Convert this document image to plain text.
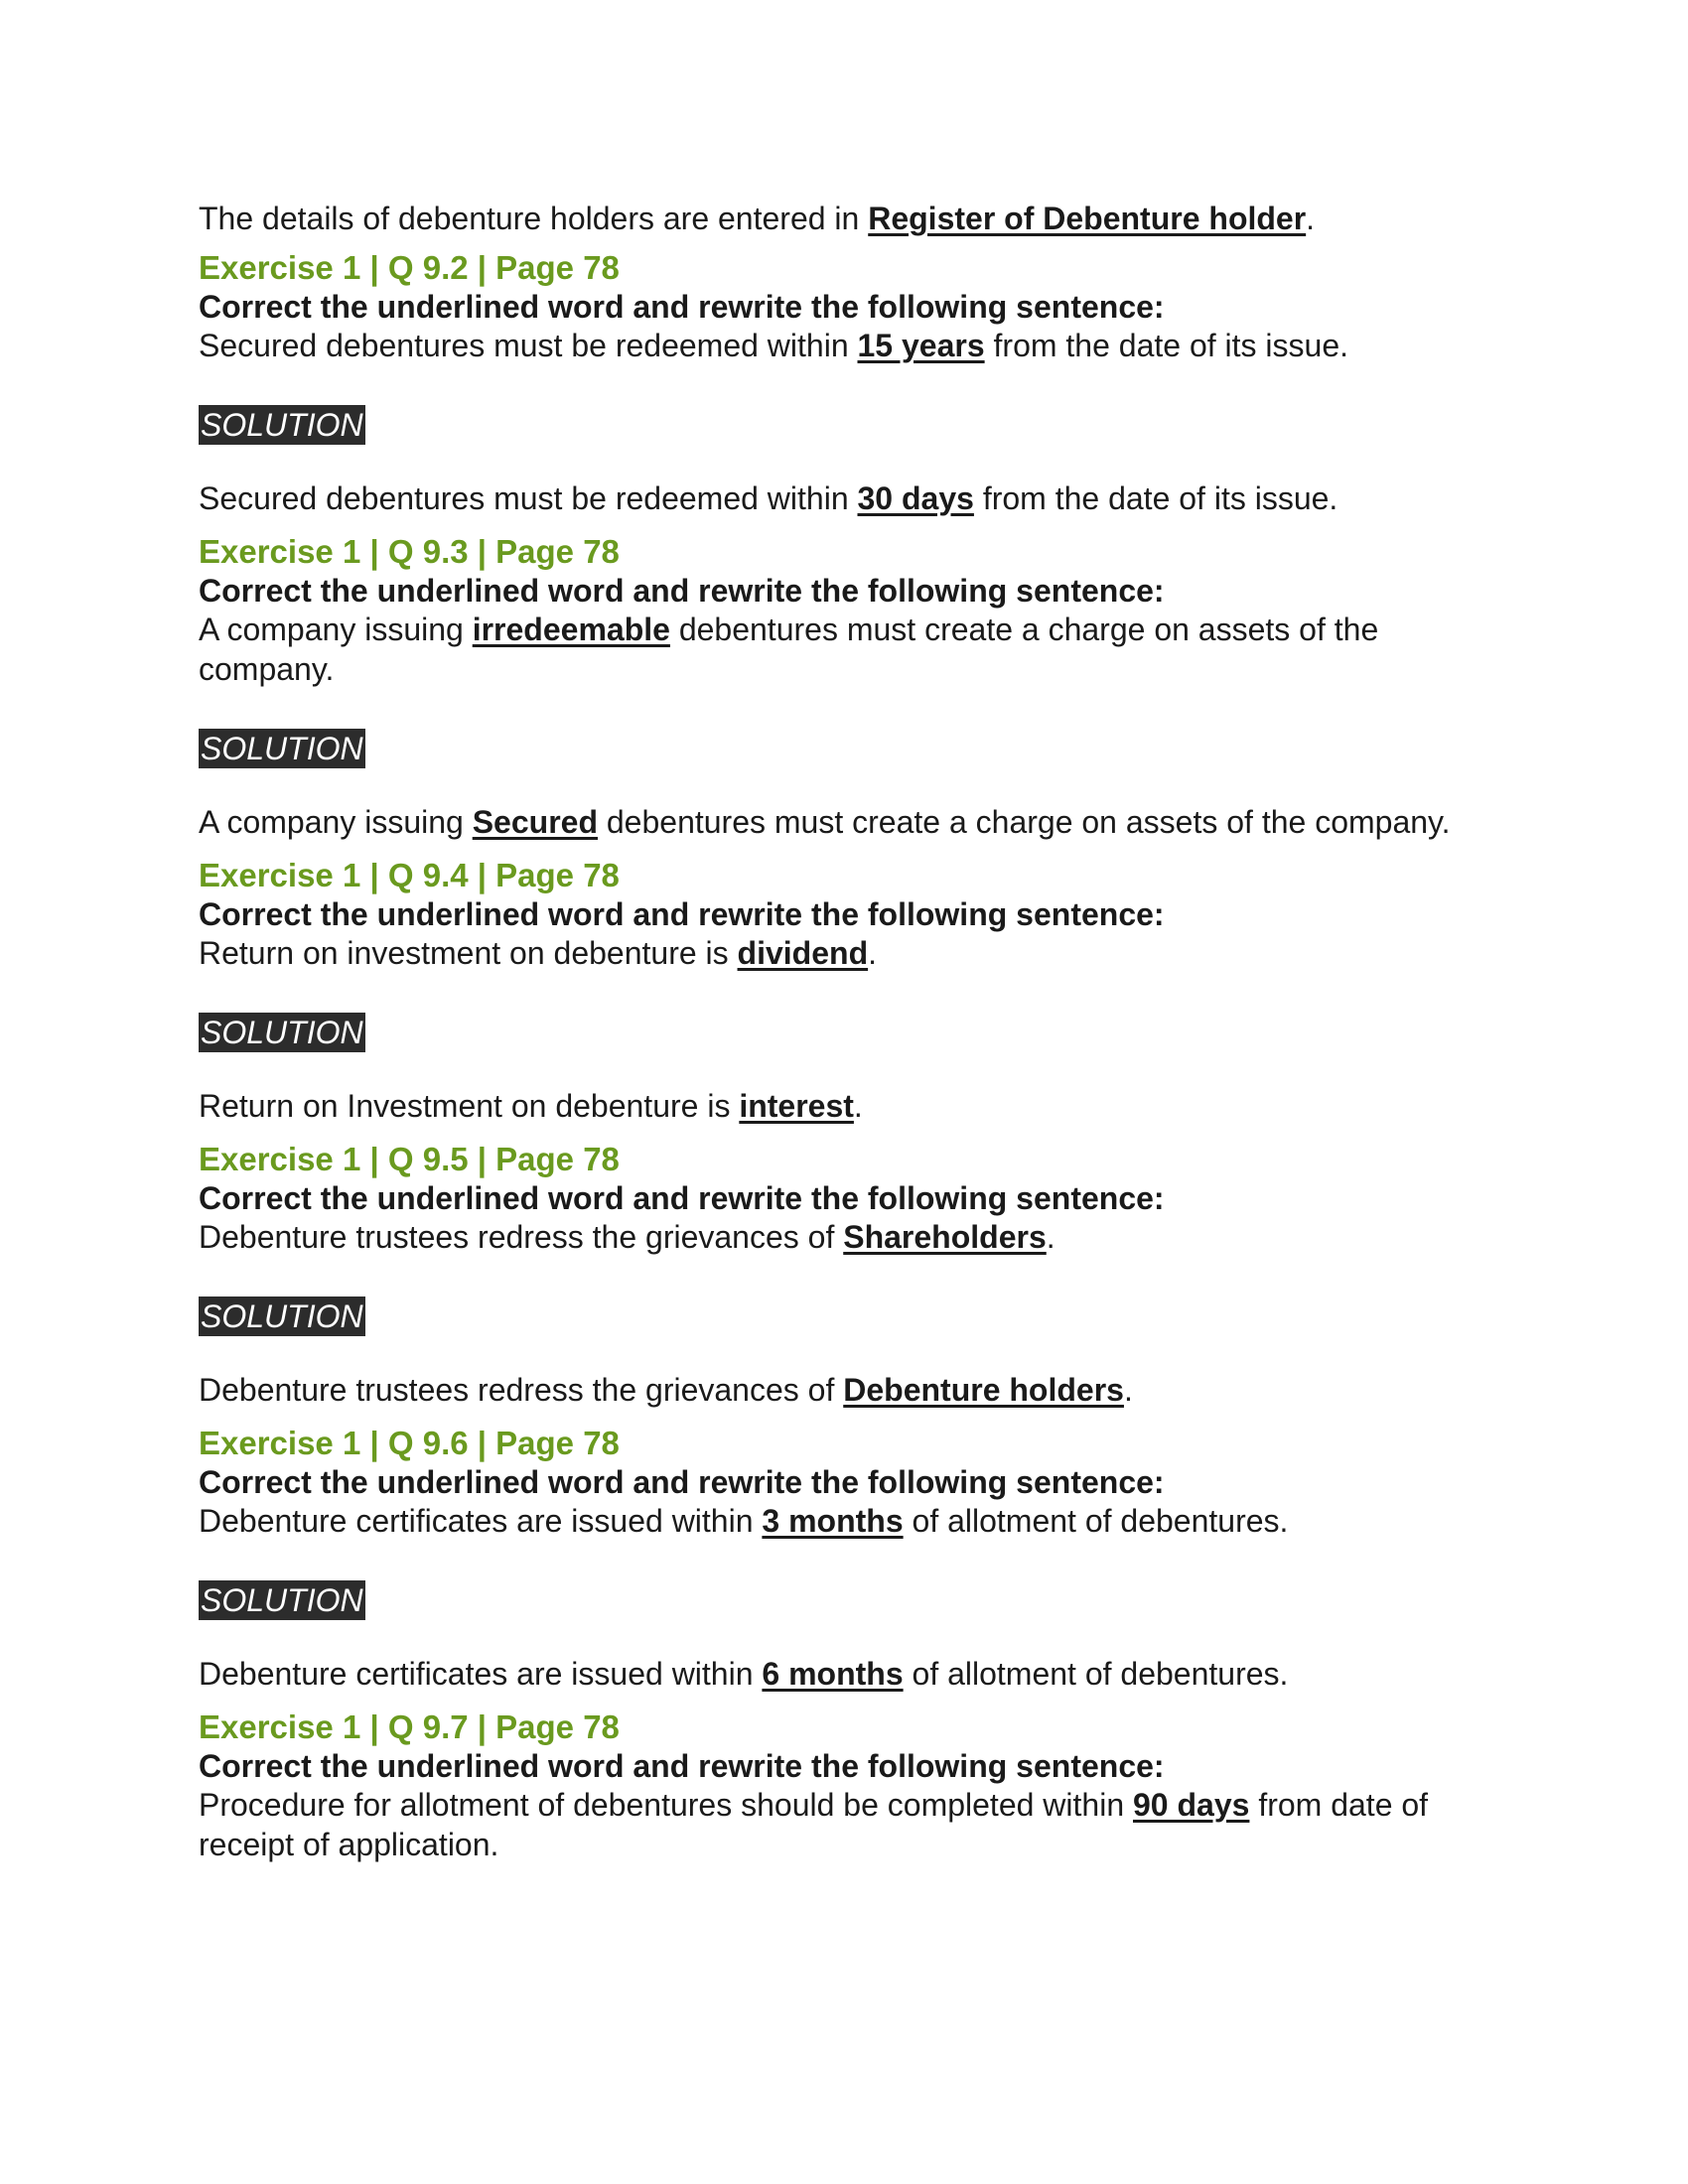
The details of debenture holders are entered in Register of Debenture holder.

Exercise 1 | Q 9.2 | Page 78

Correct the underlined word and rewrite the following sentence:

Secured debentures must be redeemed within 15 years from the date of its issue.

SOLUTION

Secured debentures must be redeemed within 30 days from the date of its issue.

Exercise 1 | Q 9.3 | Page 78

Correct the underlined word and rewrite the following sentence:

A company issuing irredeemable debentures must create a charge on assets of the company.

SOLUTION

A company issuing Secured debentures must create a charge on assets of the company.

Exercise 1 | Q 9.4 | Page 78

Correct the underlined word and rewrite the following sentence:

Return on investment on debenture is dividend.

SOLUTION

Return on Investment on debenture is interest.

Exercise 1 | Q 9.5 | Page 78

Correct the underlined word and rewrite the following sentence:

Debenture trustees redress the grievances of Shareholders.

SOLUTION

Debenture trustees redress the grievances of Debenture holders.

Exercise 1 | Q 9.6 | Page 78

Correct the underlined word and rewrite the following sentence:

Debenture certificates are issued within 3 months of allotment of debentures.

SOLUTION

Debenture certificates are issued within 6 months of allotment of debentures.

Exercise 1 | Q 9.7 | Page 78

Correct the underlined word and rewrite the following sentence:

Procedure for allotment of debentures should be completed within 90 days from date of receipt of application.
